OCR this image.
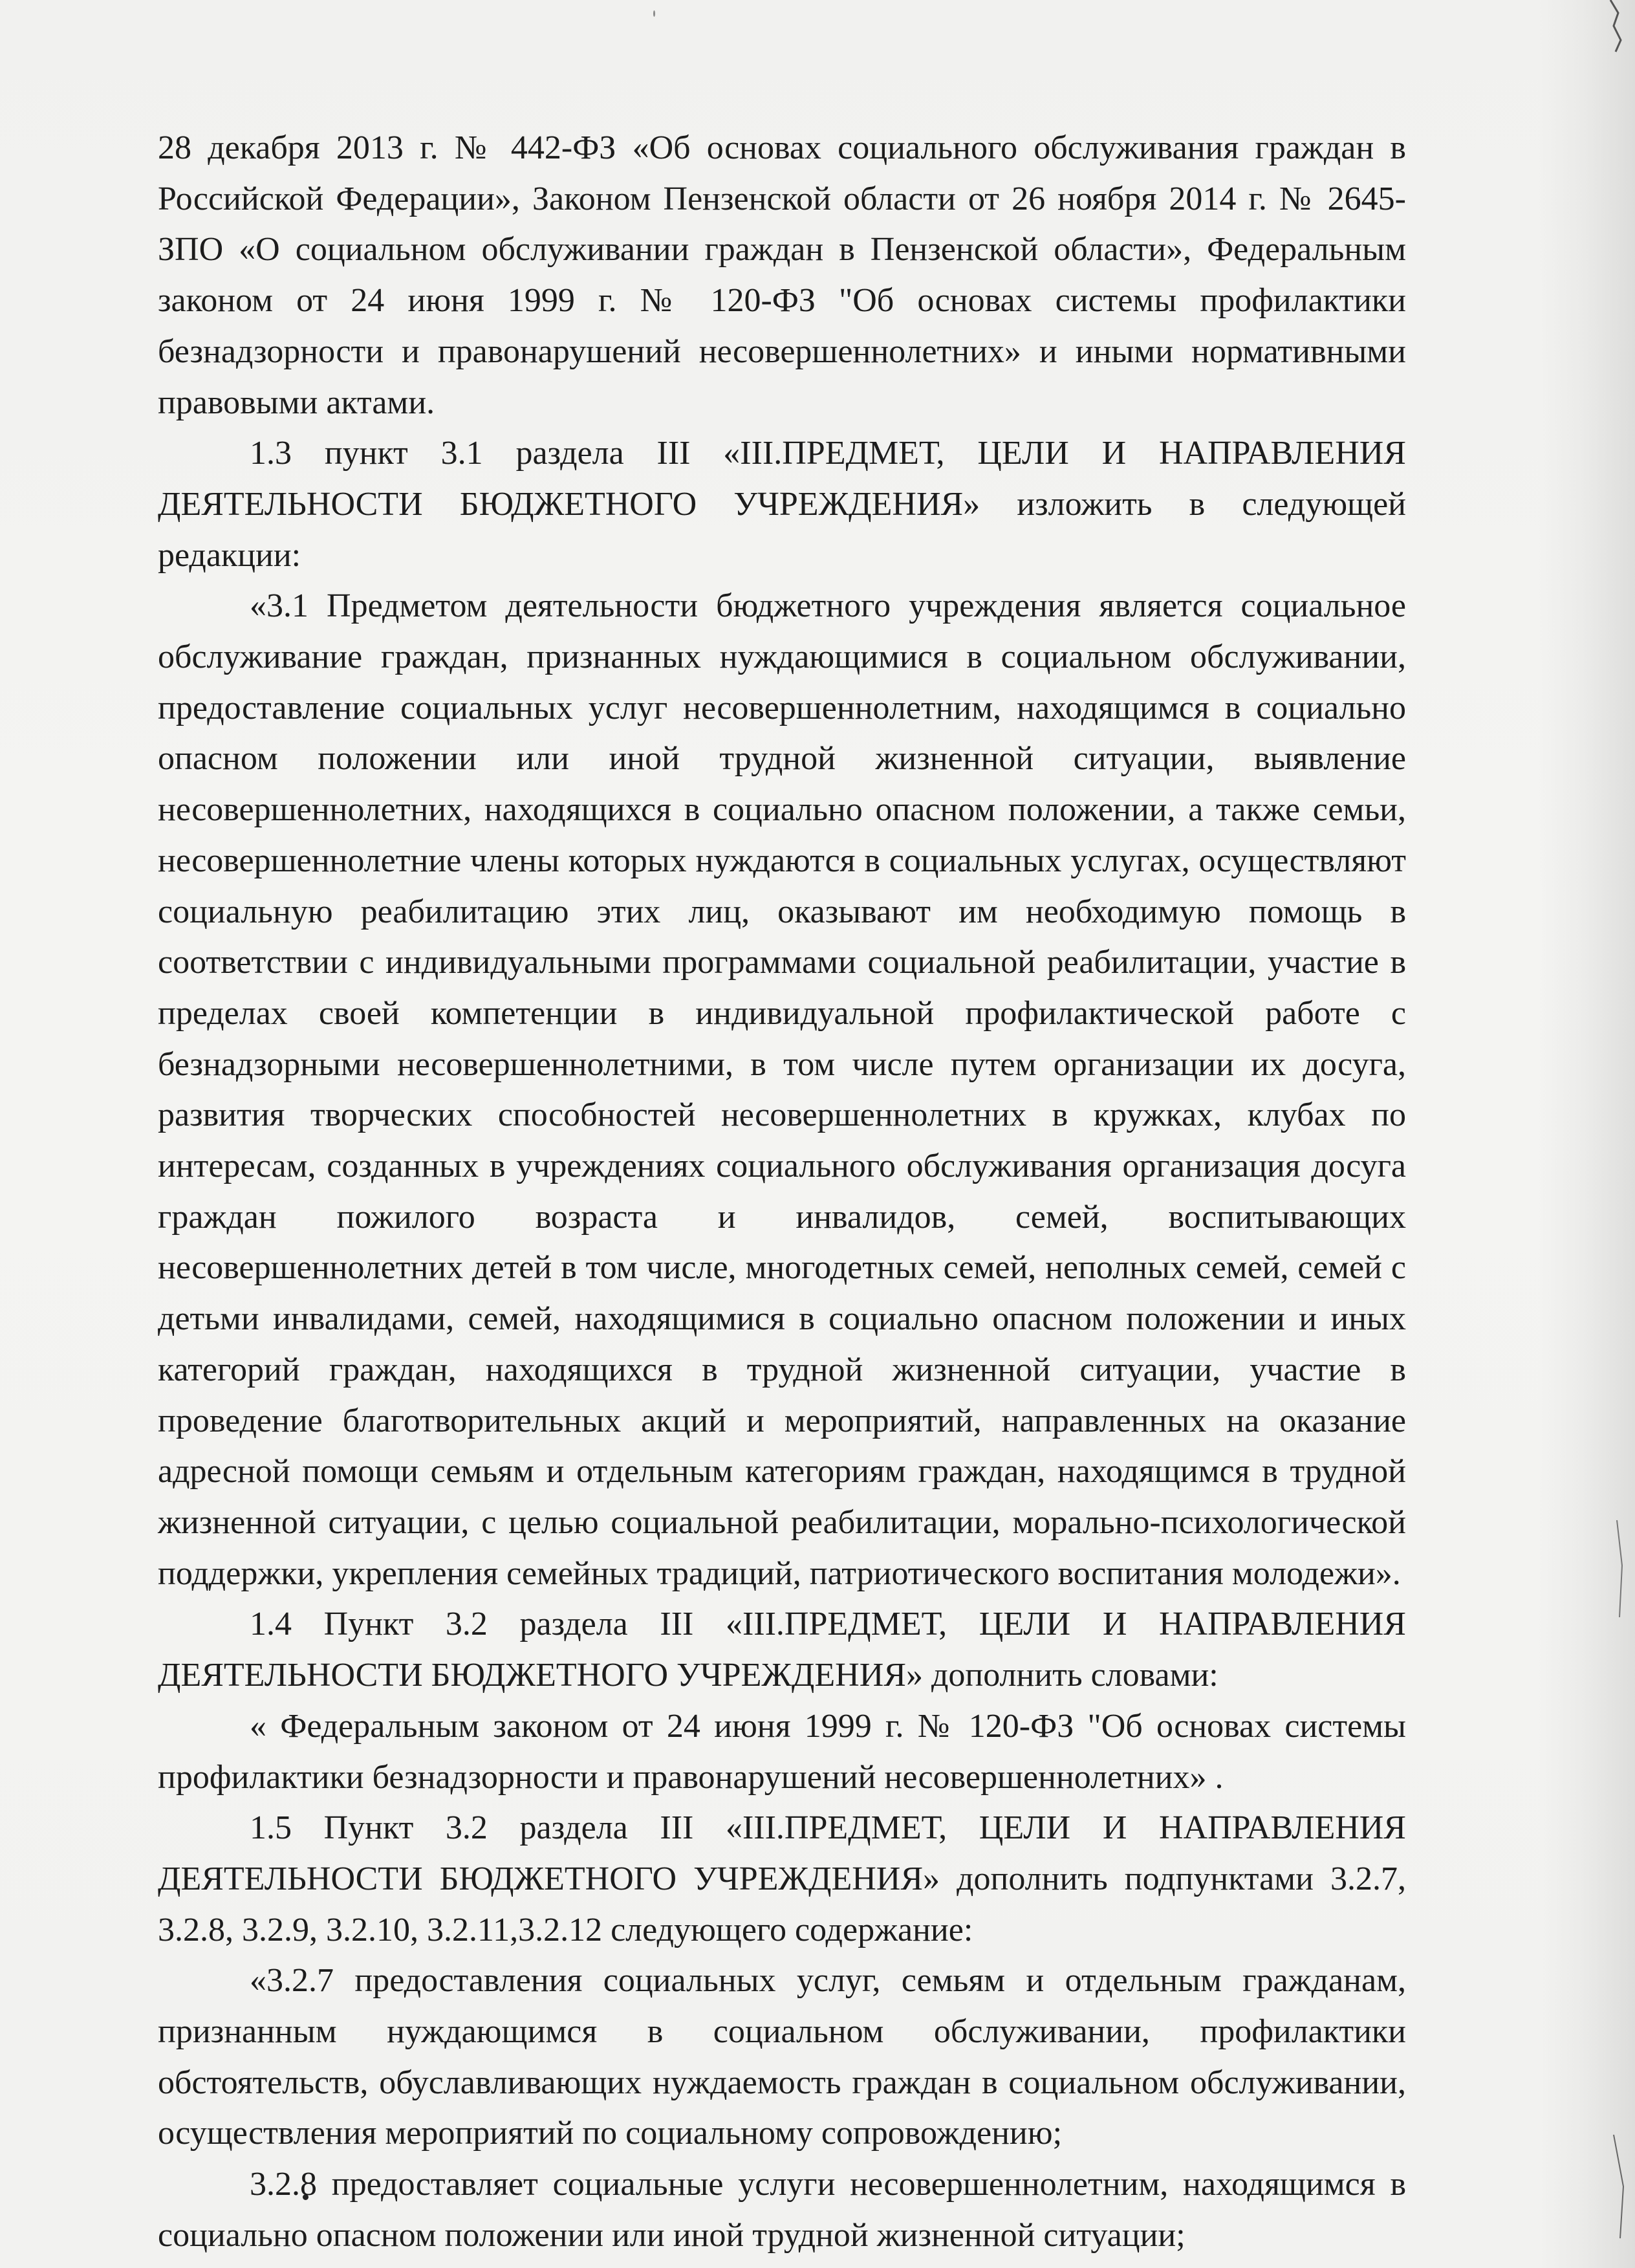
28 декабря 2013 г. № 442-ФЗ «Об основах социального обслуживания граждан в Российской Федерации», Законом Пензенской области от 26 ноября 2014 г. № 2645-ЗПО «О социальном обслуживании граждан в Пензенской области», Федеральным законом от 24 июня 1999 г. № 120-ФЗ "Об основах системы профилактики безнадзорности и правонарушений несовершеннолетних» и иными нормативными правовыми актами.

1.3 пункт 3.1 раздела III «III.ПРЕДМЕТ, ЦЕЛИ И НАПРАВЛЕНИЯ ДЕЯТЕЛЬНОСТИ БЮДЖЕТНОГО УЧРЕЖДЕНИЯ» изложить в следующей редакции:

«3.1 Предметом деятельности бюджетного учреждения является социальное обслуживание граждан, признанных нуждающимися в социальном обслуживании, предоставление социальных услуг несовершеннолетним, находящимся в социально опасном положении или иной трудной жизненной ситуации, выявление несовершеннолетних, находящихся в социально опасном положении, а также семьи, несовершеннолетние члены которых нуждаются в социальных услугах, осуществляют социальную реабилитацию этих лиц, оказывают им необходимую помощь в соответствии с индивидуальными программами социальной реабилитации, участие в пределах своей компетенции в индивидуальной профилактической работе с безнадзорными несовершеннолетними, в том числе путем организации их досуга, развития творческих способностей несовершеннолетних в кружках, клубах по интересам, созданных в учреждениях социального обслуживания организация досуга граждан пожилого возраста и инвалидов, семей, воспитывающих несовершеннолетних детей в том числе, многодетных семей, неполных семей, семей с детьми инвалидами, семей, находящимися в социально опасном положении и иных категорий граждан, находящихся в трудной жизненной ситуации, участие в проведение благотворительных акций и мероприятий, направленных на оказание адресной помощи семьям и отдельным категориям граждан, находящимся в трудной жизненной ситуации, с целью социальной реабилитации, морально-психологической поддержки, укрепления семейных традиций, патриотического воспитания молодежи».

1.4 Пункт 3.2 раздела III «III.ПРЕДМЕТ, ЦЕЛИ И НАПРАВЛЕНИЯ ДЕЯТЕЛЬНОСТИ БЮДЖЕТНОГО УЧРЕЖДЕНИЯ» дополнить словами:

« Федеральным законом от 24 июня 1999 г. № 120-ФЗ "Об основах системы профилактики безнадзорности и правонарушений несовершеннолетних» .

1.5 Пункт 3.2 раздела III «III.ПРЕДМЕТ, ЦЕЛИ И НАПРАВЛЕНИЯ ДЕЯТЕЛЬНОСТИ БЮДЖЕТНОГО УЧРЕЖДЕНИЯ» дополнить подпунктами 3.2.7, 3.2.8, 3.2.9, 3.2.10, 3.2.11,3.2.12 следующего содержание:

«3.2.7 предоставления социальных услуг, семьям и отдельным гражданам, признанным нуждающимся в социальном обслуживании, профилактики обстоятельств, обуславливающих нуждаемость граждан в социальном обслуживании, осуществления мероприятий по социальному сопровождению;

3.2.8 предоставляет социальные услуги несовершеннолетним, находящимся в социально опасном положении или иной трудной жизненной ситуации;
